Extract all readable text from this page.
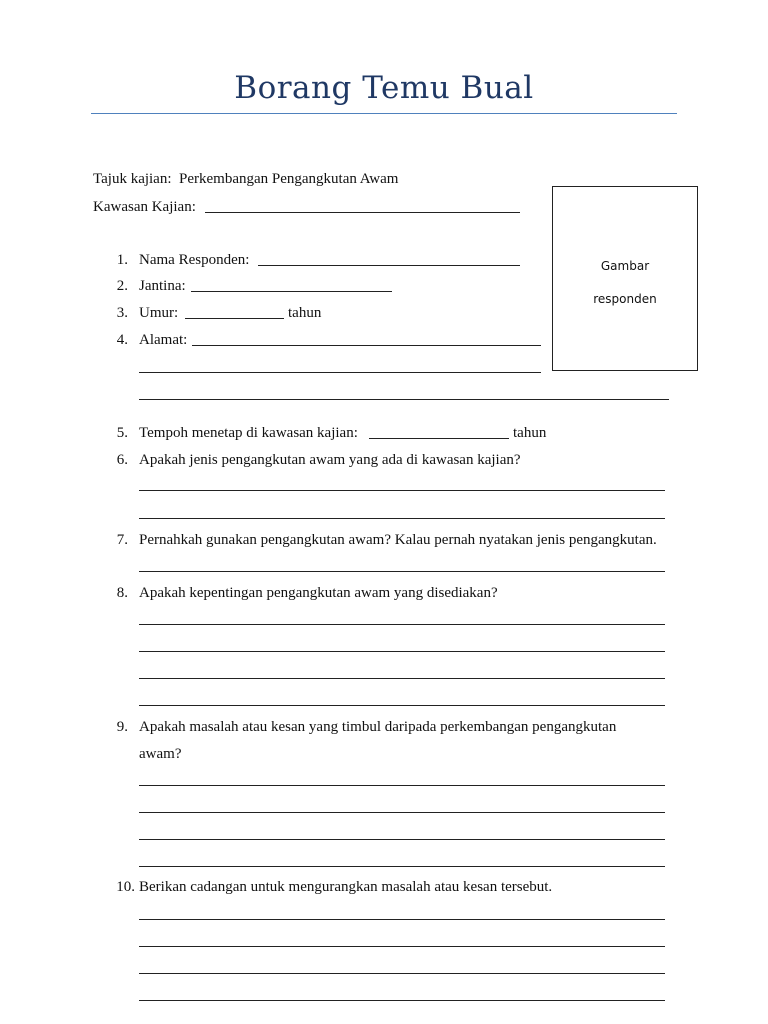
Borang Temu Bual
Tajuk kajian: Perkembangan Pengangkutan Awam
Kawasan Kajian:
Gambar
responden
1. Nama Responden:
2. Jantina:
3. Umur:	tahun
4. Alamat:
5. Tempoh menetap di kawasan kajian:	tahun
6. Apakah jenis pengangkutan awam yang ada di kawasan kajian?
7. Pernahkah gunakan pengangkutan awam? Kalau pernah nyatakan jenis pengangkutan.
8. Apakah kepentingan pengangkutan awam yang disediakan?
9. Apakah masalah atau kesan yang timbul daripada perkembangan pengangkutan
awam?
10. Berikan cadangan untuk mengurangkan masalah atau kesan tersebut.
